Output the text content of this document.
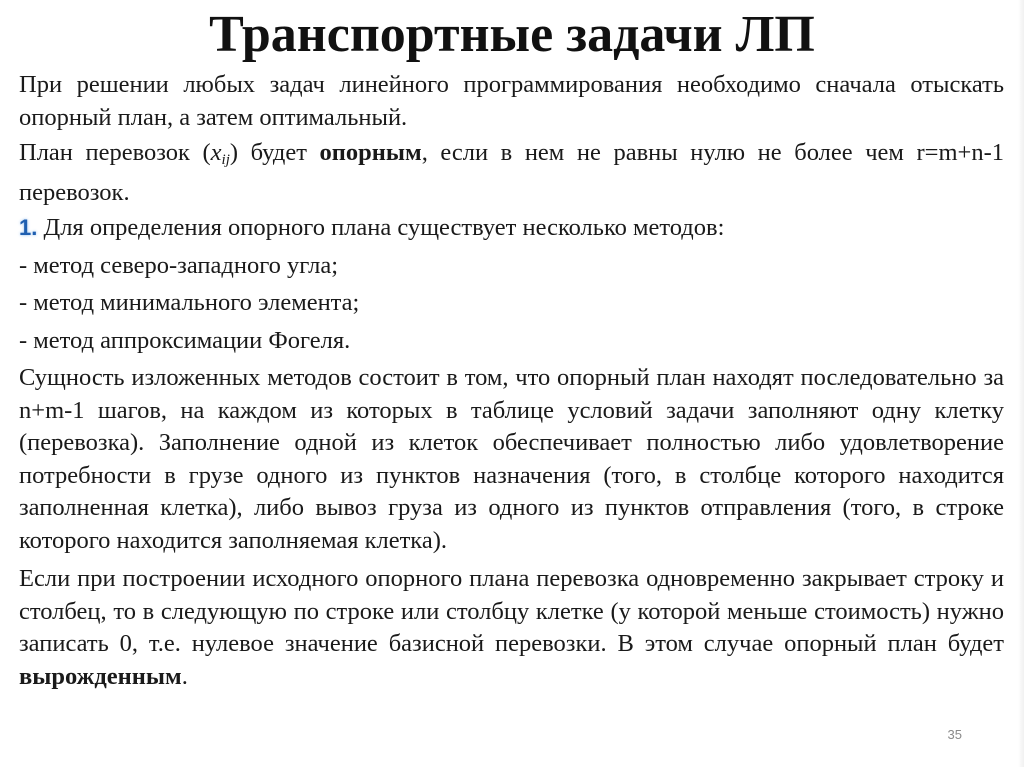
Транспортные задачи ЛП

При решении любых задач линейного программирования необходимо сначала отыскать опорный план, а затем оптимальный.

План перевозок $(x_{ij})$ будет опорным, если в нем не равны нулю не более чем r=m+n-1 перевозок.

1. Для определения опорного плана существует несколько методов:

- метод северо-западного угла;

- метод минимального элемента;

- метод аппроксимации Фогеля.

Сущность изложенных методов состоит в том, что опорный план находят последовательно за n+m-1 шагов, на каждом из которых в таблице условий задачи заполняют одну клетку (перевозка). Заполнение одной из клеток обеспечивает полностью либо удовлетворение потребности в грузе одного из пунктов назначения (того, в столбце которого находится заполненная клетка), либо вывоз груза из одного из пунктов отправления (того, в строке которого находится заполняемая клетка).

Если при построении исходного опорного плана перевозка одновременно закрывает строку и столбец, то в следующую по строке или столбцу клетке (у которой меньше стоимость) нужно записать 0, т.е. нулевое значение базисной перевозки. В этом случае опорный план будет вырожденным.

35
